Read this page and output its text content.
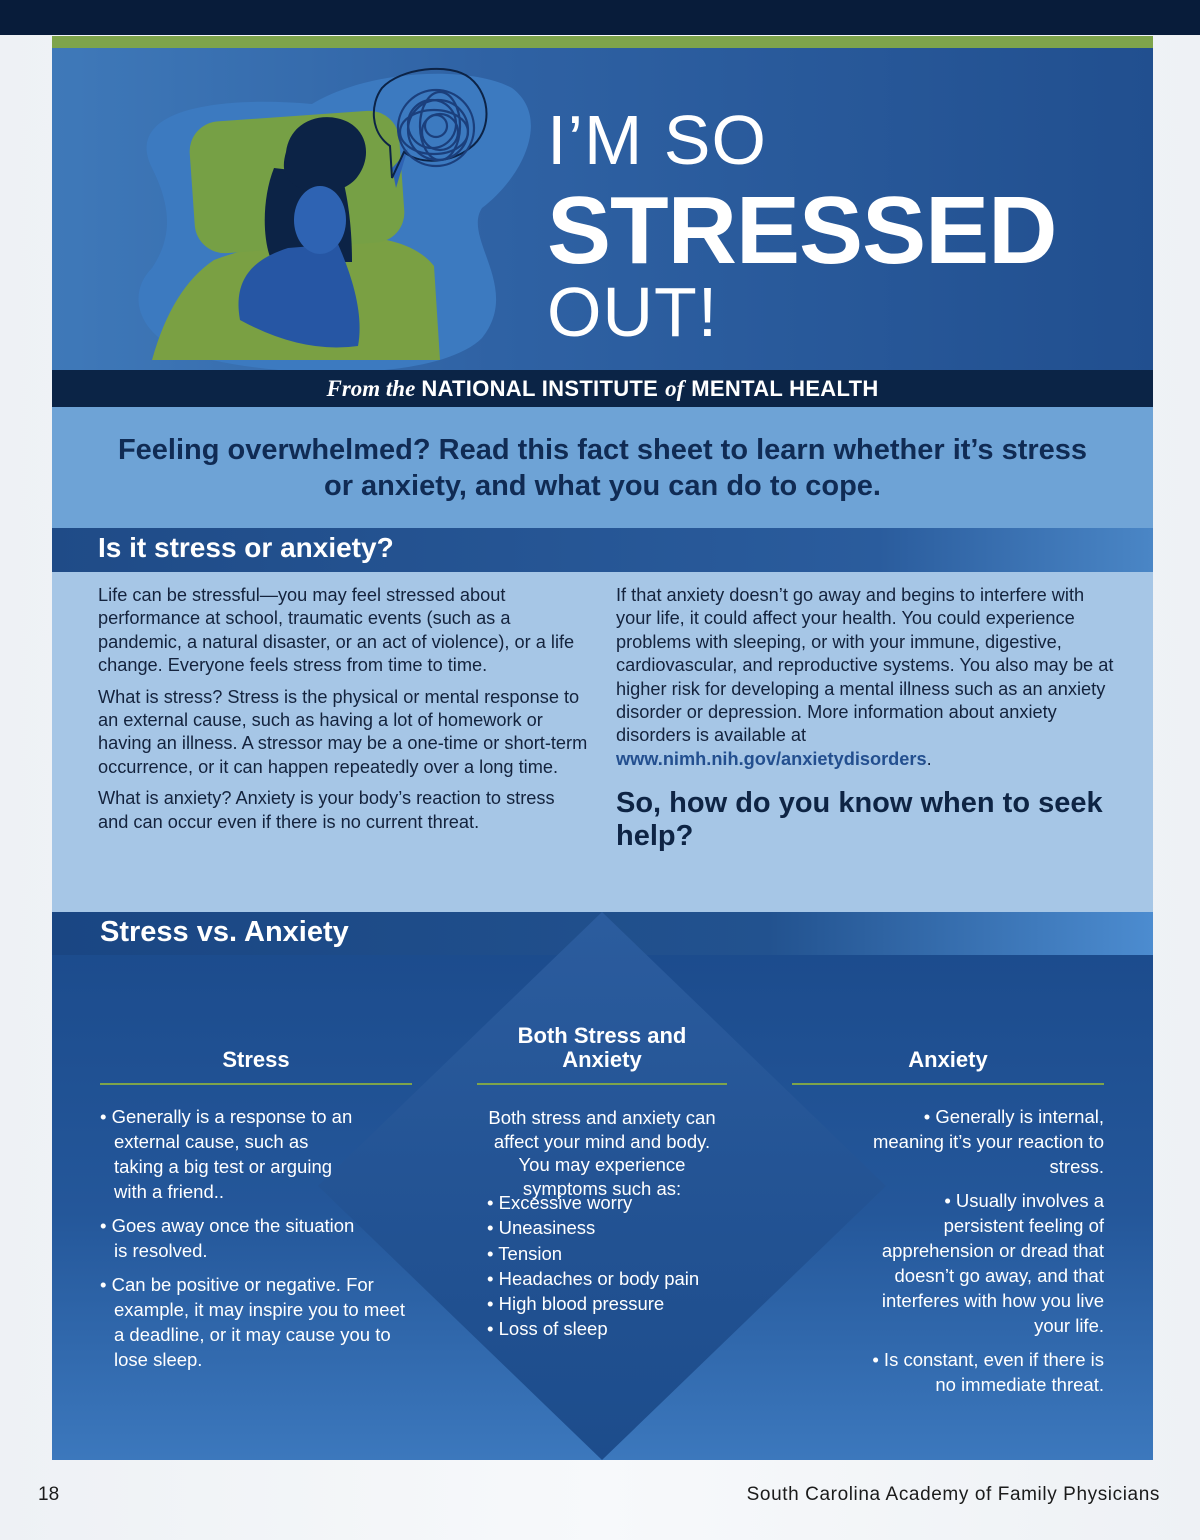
I’M SO
STRESSED
OUT!
From the NATIONAL INSTITUTE of MENTAL HEALTH

Feeling overwhelmed? Read this fact sheet to learn whether it’s stress or anxiety, and what you can do to cope.

Is it stress or anxiety?

Life can be stressful—you may feel stressed about performance at school, traumatic events (such as a pandemic, a natural disaster, or an act of violence), or a life change. Everyone feels stress from time to time.

What is stress? Stress is the physical or mental response to an external cause, such as having a lot of homework or having an illness. A stressor may be a one-time or short-term occurrence, or it can happen repeatedly over a long time.

What is anxiety? Anxiety is your body’s reaction to stress and can occur even if there is no current threat.

If that anxiety doesn’t go away and begins to interfere with your life, it could affect your health. You could experience problems with sleeping, or with your immune, digestive, cardiovascular, and reproductive systems. You also may be at higher risk for developing a mental illness such as an anxiety disorder or depression. More information about anxiety disorders is available at www.nimh.nih.gov/anxietydisorders.

So, how do you know when to seek help?
Stress vs. Anxiety
Stress
• Generally is a response to an external cause, such as taking a big test or arguing with a friend..
• Goes away once the situation is resolved.
• Can be positive or negative. For example, it may inspire you to meet a deadline, or it may cause you to lose sleep.
Both Stress and Anxiety
Both stress and anxiety can affect your mind and body. You may experience symptoms such as:
• Excessive worry
• Uneasiness
• Tension
• Headaches or body pain
• High blood pressure
• Loss of sleep
Anxiety
• Generally is internal, meaning it’s your reaction to stress.
• Usually involves a persistent feeling of apprehension or dread that doesn’t go away, and that interferes with how you live your life.
• Is constant, even if there is no immediate threat.
18	South Carolina Academy of Family Physicians
